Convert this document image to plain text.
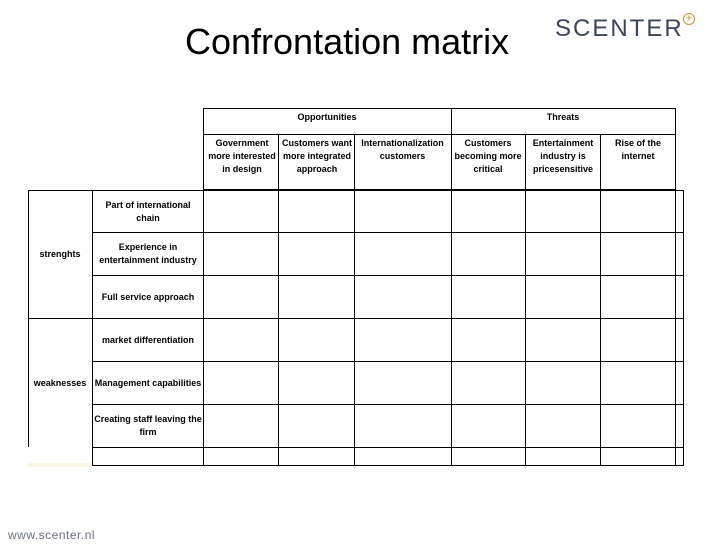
Confrontation matrix SCENTER ⚜
Opportunities	Threats
Government more interested in design
Customers want more integrated approach
Internationalization customers
Customers becoming more critical
Entertainment industry is pricesensitive
Rise of the internet
strenghts
weaknesses
Part of international chain
Experience in entertainment industry
Full service approach
market differentiation
Management capabilities
Creating staff leaving the firm
www.scenter.nl
